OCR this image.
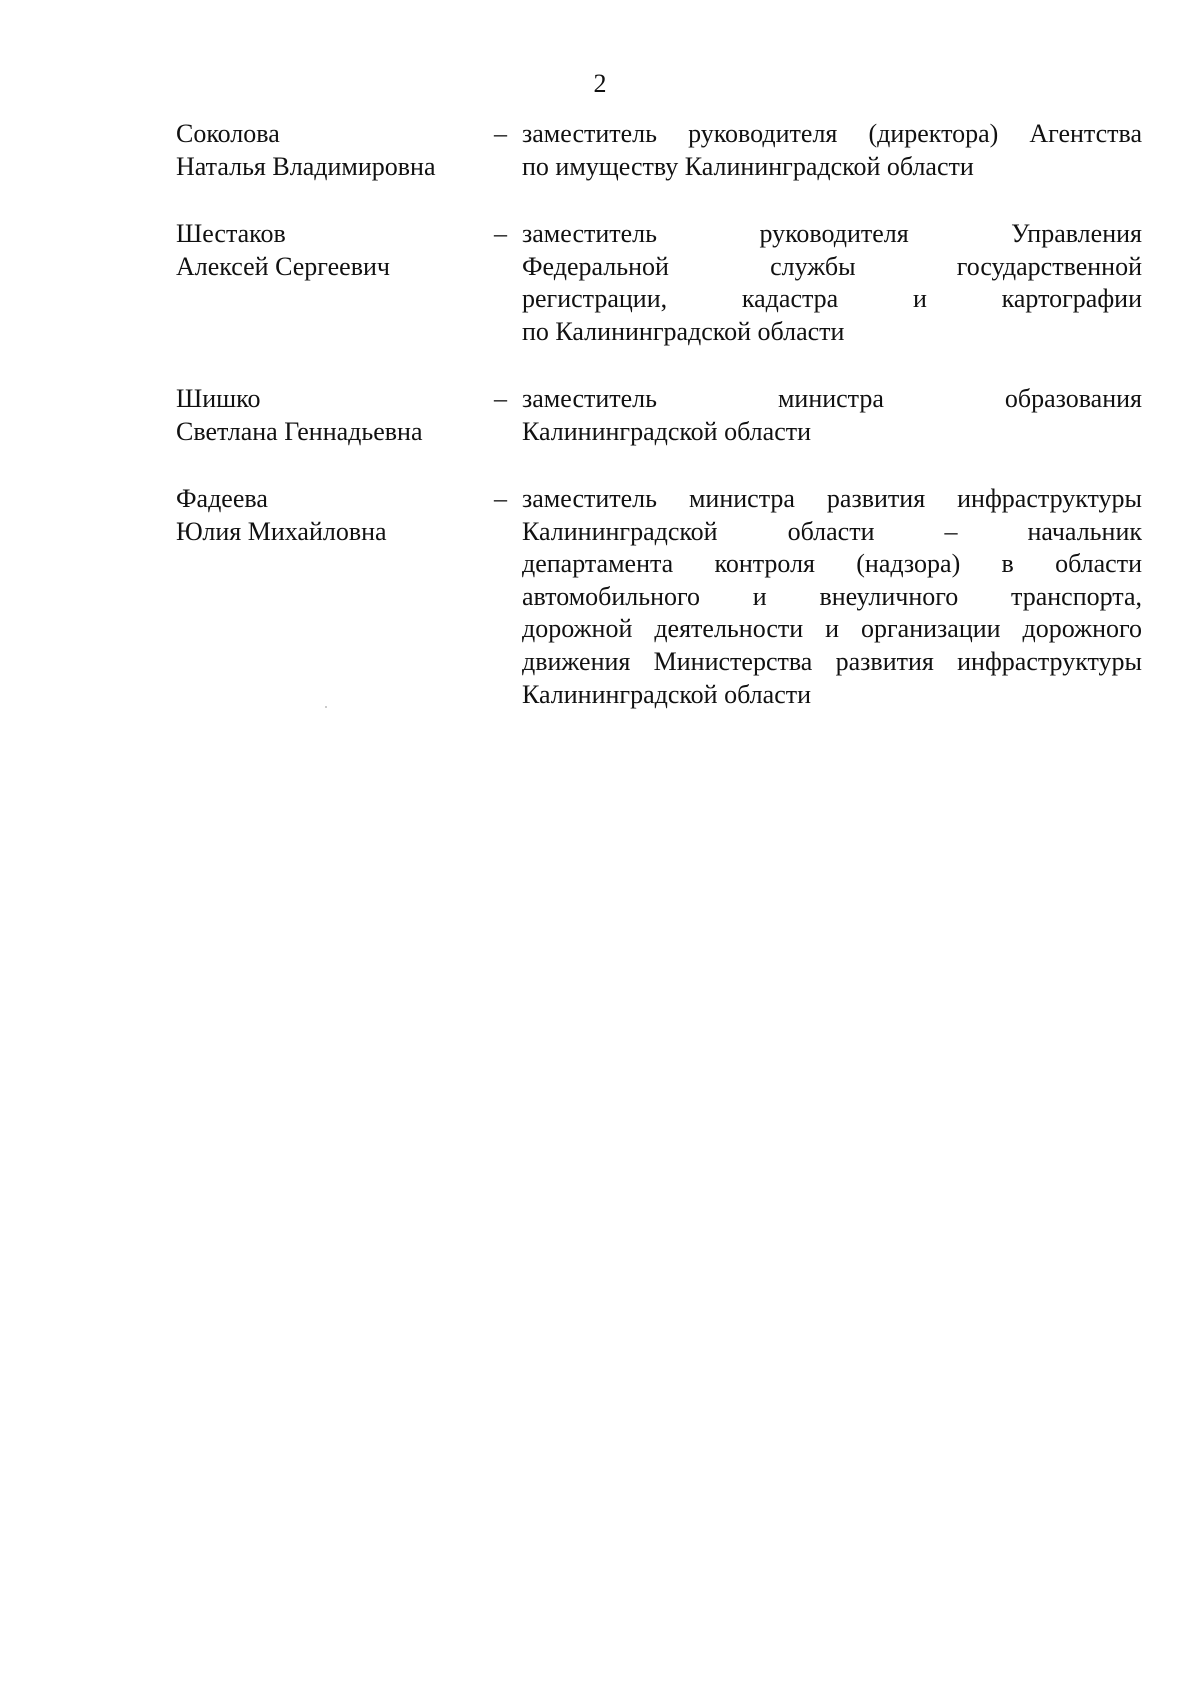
2
Соколова
Наталья Владимировна
– заместитель руководителя (директора) Агентства
по имуществу Калининградской области
Шестаков
Алексей Сергеевич
– заместитель руководителя Управления
Федеральной службы государственной
регистрации, кадастра и картографии
по Калининградской области
Шишко
Светлана Геннадьевна
– заместитель министра образования
Калининградской области
Фадеева
Юлия Михайловна
– заместитель министра развития инфраструктуры
Калининградской области – начальник
департамента контроля (надзора) в области
автомобильного и внеуличного транспорта,
дорожной деятельности и организации дорожного
движения Министерства развития инфраструктуры
Калининградской области
